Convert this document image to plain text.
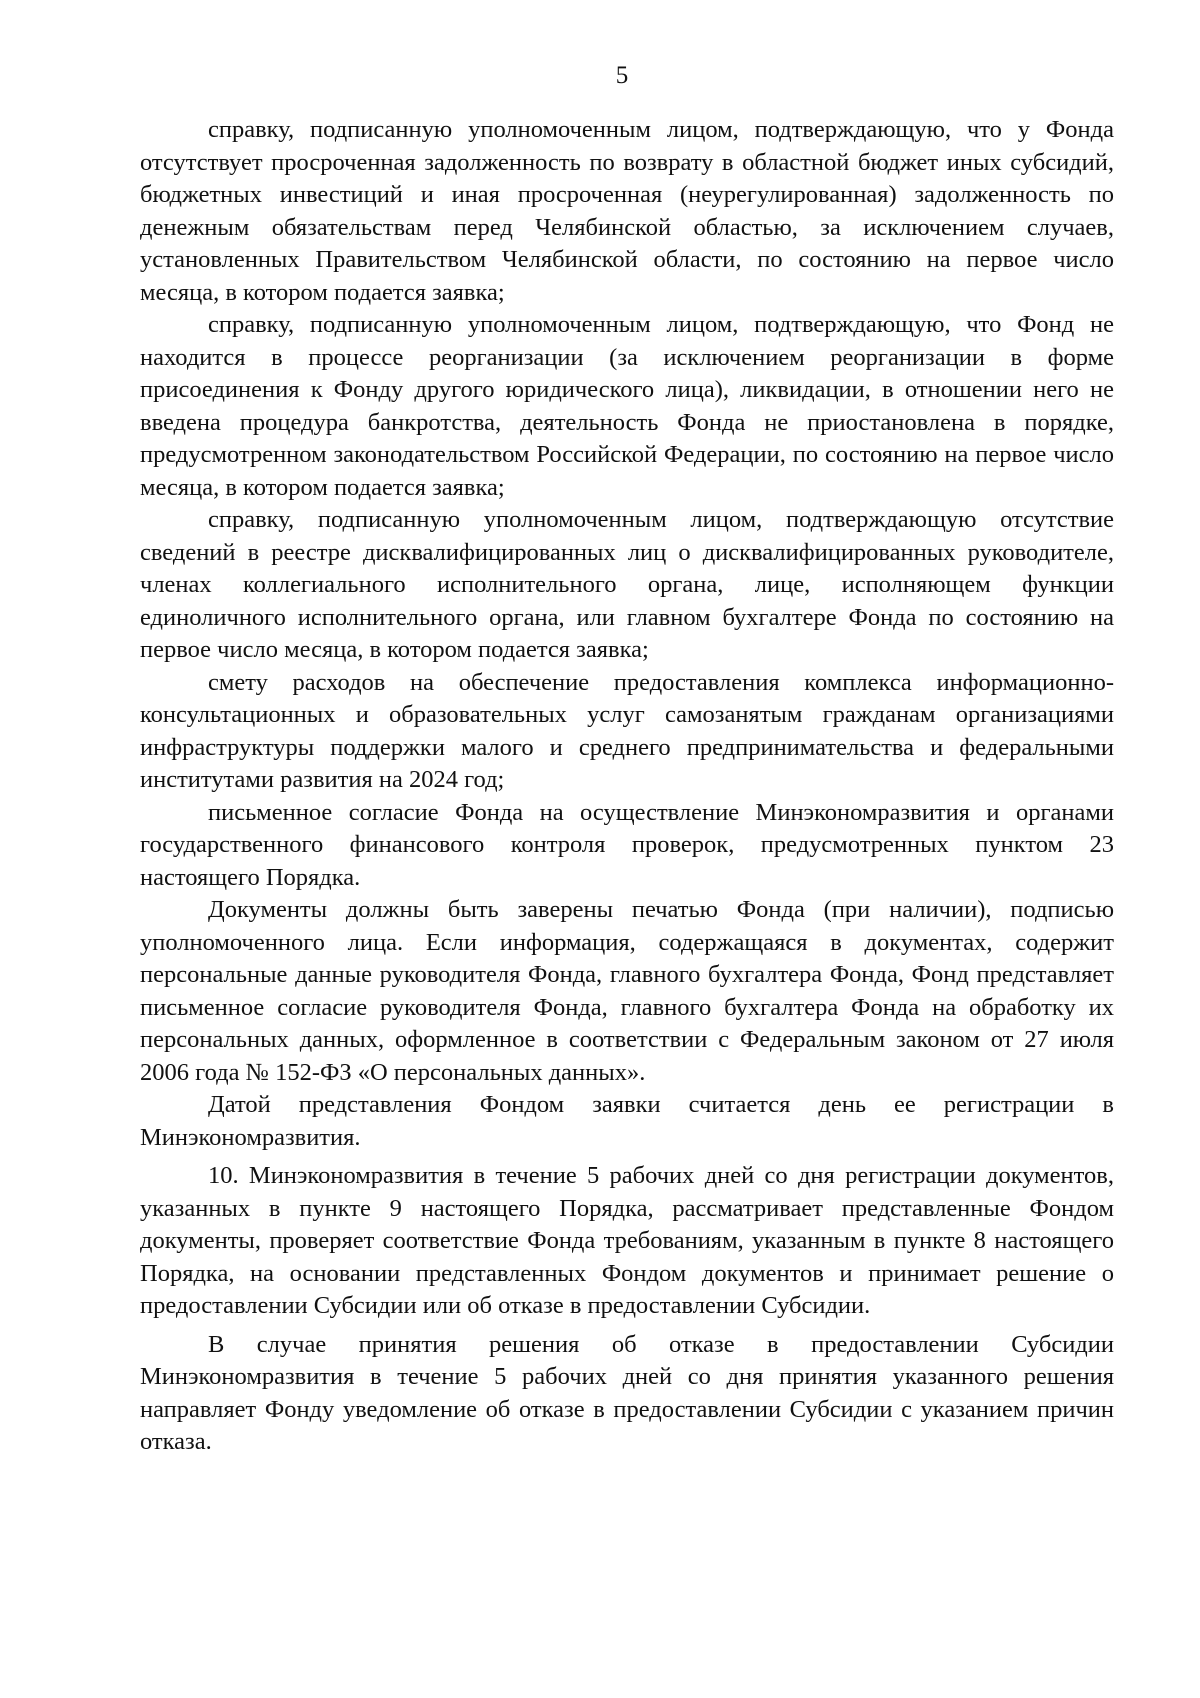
5

справку, подписанную уполномоченным лицом, подтверждающую, что у Фонда отсутствует просроченная задолженность по возврату в областной бюджет иных субсидий, бюджетных инвестиций и иная просроченная (неурегулированная) задолженность по денежным обязательствам перед Челябинской областью, за исключением случаев, установленных Правительством Челябинской области, по состоянию на первое число месяца, в котором подается заявка;

справку, подписанную уполномоченным лицом, подтверждающую, что Фонд не находится в процессе реорганизации (за исключением реорганизации в форме присоединения к Фонду другого юридического лица), ликвидации, в отношении него не введена процедура банкротства, деятельность Фонда не приостановлена в порядке, предусмотренном законодательством Российской Федерации, по состоянию на первое число месяца, в котором подается заявка;

справку, подписанную уполномоченным лицом, подтверждающую отсутствие сведений в реестре дисквалифицированных лиц о дисквалифицированных руководителе, членах коллегиального исполнительного органа, лице, исполняющем функции единоличного исполнительного органа, или главном бухгалтере Фонда по состоянию на первое число месяца, в котором подается заявка;

смету расходов на обеспечение предоставления комплекса информационно-консультационных и образовательных услуг самозанятым гражданам организациями инфраструктуры поддержки малого и среднего предпринимательства и федеральными институтами развития на 2024 год;

письменное согласие Фонда на осуществление Минэкономразвития и органами государственного финансового контроля проверок, предусмотренных пунктом 23 настоящего Порядка.

Документы должны быть заверены печатью Фонда (при наличии), подписью уполномоченного лица. Если информация, содержащаяся в документах, содержит персональные данные руководителя Фонда, главного бухгалтера Фонда, Фонд представляет письменное согласие руководителя Фонда, главного бухгалтера Фонда на обработку их персональных данных, оформленное в соответствии с Федеральным законом от 27 июля 2006 года № 152-ФЗ «О персональных данных».

Датой представления Фондом заявки считается день ее регистрации в Минэкономразвития.

10. Минэкономразвития в течение 5 рабочих дней со дня регистрации документов, указанных в пункте 9 настоящего Порядка, рассматривает представленные Фондом документы, проверяет соответствие Фонда требованиям, указанным в пункте 8 настоящего Порядка, на основании представленных Фондом документов и принимает решение о предоставлении Субсидии или об отказе в предоставлении Субсидии.

В случае принятия решения об отказе в предоставлении Субсидии Минэкономразвития в течение 5 рабочих дней со дня принятия указанного решения направляет Фонду уведомление об отказе в предоставлении Субсидии с указанием причин отказа.
